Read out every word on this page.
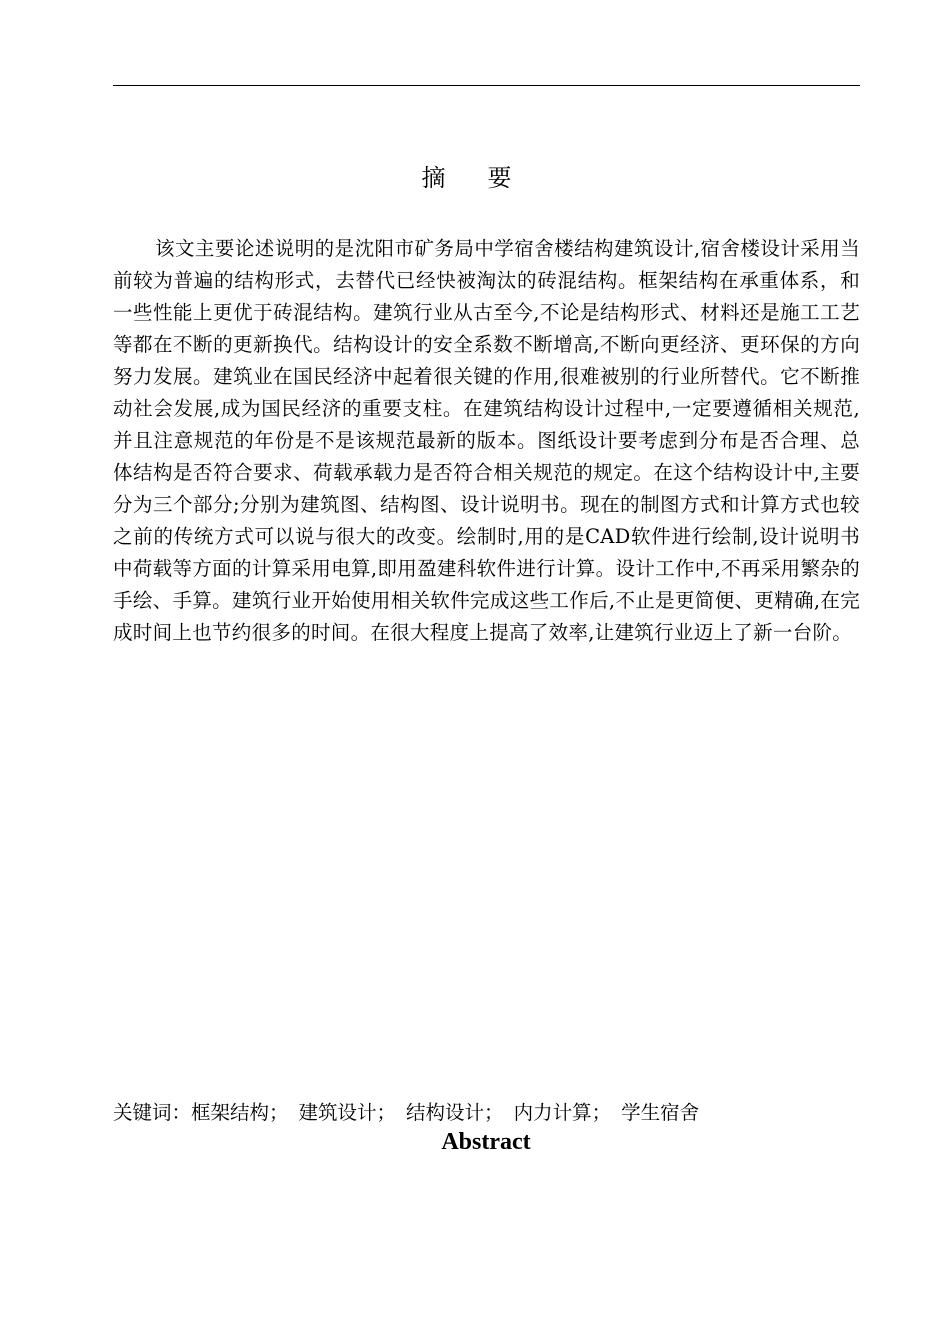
摘要
该文主要论述说明的是沈阳市矿务局中学宿舍楼结构建筑设计,宿舍楼设计采用当前较为普遍的结构形式，去替代已经快被淘汰的砖混结构。框架结构在承重体系，和一些性能上更优于砖混结构。建筑行业从古至今,不论是结构形式、材料还是施工工艺等都在不断的更新换代。结构设计的安全系数不断增高,不断向更经济、更环保的方向努力发展。建筑业在国民经济中起着很关键的作用,很难被别的行业所替代。它不断推动社会发展,成为国民经济的重要支柱。在建筑结构设计过程中,一定要遵循相关规范,并且注意规范的年份是不是该规范最新的版本。图纸设计要考虑到分布是否合理、总体结构是否符合要求、荷载承载力是否符合相关规范的规定。在这个结构设计中,主要分为三个部分;分别为建筑图、结构图、设计说明书。现在的制图方式和计算方式也较之前的传统方式可以说与很大的改变。绘制时,用的是CAD软件进行绘制,设计说明书中荷载等方面的计算采用电算,即用盈建科软件进行计算。设计工作中,不再采用繁杂的手绘、手算。建筑行业开始使用相关软件完成这些工作后,不止是更简便、更精确,在完成时间上也节约很多的时间。在很大程度上提高了效率,让建筑行业迈上了新一台阶。
关键词：框架结构； 建筑设计； 结构设计； 内力计算； 学生宿舍
Abstract
